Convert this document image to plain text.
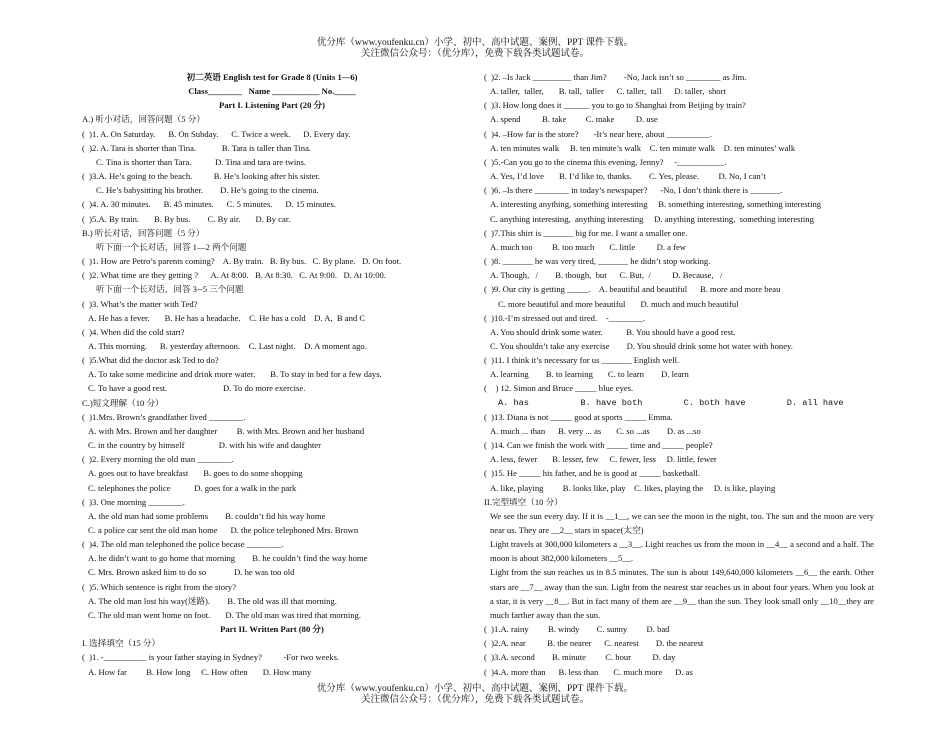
优分库（www.youfenku.cn）小学、初中、高中试题、案例、PPT 课件下载。
关注微信公众号：（优分库），免费下载各类试题试卷。
初二英语 English test for Grade 8 (Units 1—6)
Class________   Name ___________ No._____
Part I. Listening Part (20 分)
A.) 听小对话，回答问题（5 分）
(  )1. A. On Saturday.      B. On Subday.      C. Twice a week.      D. Every day.
(  )2. A. Tara is shorter than Tina.            B. Tara is taller than Tina.
C. Tina is shorter than Tara.           D. Tina and tara are twins.
(  )3.A. He’s going to the beach.          B. He’s looking after his sister.
C. He’s babysitting his brother.        D. He’s going to the cinema.
(  )4. A. 30 minutes.      B. 45 minutes.      C. 5 minutes.      D. 15 minutes.
(  )5.A. By train.       B. By bus.        C. By air.       D. By car.
B.) 听长对话，回答问题（5 分）
听下面一个长对话，回答 1—2 两个问题
(  )1. How are Petro’s parents coming?    A. By train.   B. By bus.   C. By plane.   D. On foot.
(  )2. What time are they getting ?      A. At 8:00.   B. At 8:30.   C. At 9:00.   D. At 10:00.
听下面一个长对话，回答 3--5 三个问题
(  )3. What’s the matter with Ted?
A. He has a fever.       B. He has a headache.    C. He has a cold    D. A,  B and C
(  )4. When did the cold start?
A. This morning.      B. yesterday afternoon.    C. Last night.    D. A moment ago.
(  )5.What did the doctor ask Ted to do?
A. To take some medicine and drink more water.       B. To stay in bed for a few days.
C. To have a good rest.                          D. To do more exercise.
C.)短文理解（10 分）
(  )1.Mrs. Brown’s grandfather lived ________.
A. with Mrs. Brown and her daughter         B. with Mrs. Brown and her husband
C. in the country by himself                D. with his wife and daughter
(  )2. Every morning the old man ________.
A. goes out to have breakfast       B. goes to do some shopping
C. telephones the police           D. goes for a walk in the park
(  )3. One morning ________.
A. the old man had some problems        B. couldn’t fid his way home
C. a police car sent the old man home      D. the police telephoned Mrs. Brown
(  )4. The old man telephoned the police becase ________.
A. he didn’t want to go home that morning        B. he couldn’t find the way home
C. Mrs. Brown asked him to do so             D. he was too old
(  )5. Which sentence is right from the story?
A. The old man lost his way(迷路).        B. The old was ill that morning.
C. The old man went home on foot.       D. The old man was tired that morning.
Part II. Written Part (80 分)
I. 选择填空（15 分）
(  )1. -__________ is your father staying in Sydney?          -For two weeks.
A. How far         B. How long     C. How often       D. How many
(  )2. –Is Jack _________ than Jim?        -No, Jack isn’t so ________ as Jim.
A. taller,  taller,       B. tall,  taller      C. taller,  tall      D. taller,  short
(  )3. How long does it ______ you to go to Shanghai from Beijing by train?
A. spend          B. take         C. make          D. use
(  )4. –How far is the store?       -It’s near here, about __________.
A. ten minutes walk     B. ten minute’s walk    C. ten minute walk    D. ten minutes’ walk
(  )5.-Can you go to the cinema this evening, Jenny?     -___________.
A. Yes, I’d love       B. I’d like to, thanks.        C. Yes, please.         D. No, I can’t
(  )6. –Is there ________ in today’s newspaper?      -No, I don’t think there is _______.
A. interesting anything, something interesting     B. something interesting, something interesting
C. anything interesting,  anything interesting     D. anything interesting,  something interesting
(  )7.This shirt is _______ big for me. I want a smaller one.
A. much too         B. too much       C. little          D. a few
(  )8. _______ he was very tired, _______ he didn’t stop working.
A. Though,   /        B. though,  but      C. But,  /          D. Because,   /
(  )9. Our city is getting _____.    A. beautiful and beautiful      B. more and more beau
C. more beautiful and more beautiful       D. much and much beautiful
(  )10.-I’m stressed out and tired.    -________.
A. You should drink some water.           B. You should have a good rest.
C. You shouldn’t take any exercise        D. You should drink some hot water with honey.
(  )11. I think it’s necessary for us _______ English well.
A. learning        B. to learning       C. to learn        D. learn
(    ) 12. Simon and Bruce _____ blue eyes.
A. has          B. have both        C. both have        D. all have
(  )13. Diana is not _____ good at sports _____ Emma.
A. much ... than      B. very ... as       C. so ...as        D. as ...so
(  )14. Can we finish the work with _____ time and _____ people?
A. less, fewer       B. lesser, few     C. fewer, less     D. little, fewer
(  )15. He _____ his father, and he is good at _____ basketball.
A. like, playing         B. looks like, play    C. likes, playing the     D. is like, playing
II.完型填空（10 分）
We see the sun every day. If it is __1__, we can see the moon in the night, too. The sun and the moon are very near us. They are __2__ stars in space(太空)
Light travels at 300,000 kilometers a __3__. Light reaches us from the moon in __4__ a second and a half. The moon is about 382,000 kilometers __5__.
Light from the sun reaches us in 8.5 minutes. The sun is about 149,640,000 kilometers __6__ the earth. Other stars are __7__ away than the sun. Light from the nearest star reaches us in about four years. When you look at a star, it is very __8__. But in fact many of them are __9__ than the sun. They look small only __10__they are much farther away than the sun.
(  )1.A. rainy         B. windy        C. sunny         D. bad
(  )2.A. near          B. the nearer      C. nearest        D. the nearest
(  )3.A. second        B. minute         C. hour          D. day
(  )4.A. more than      B. less than       C. much more      D. as
优分库（www.youfenku.cn）小学、初中、高中试题、案例、PPT 课件下载。
关注微信公众号：（优分库），免费下载各类试题试卷。
